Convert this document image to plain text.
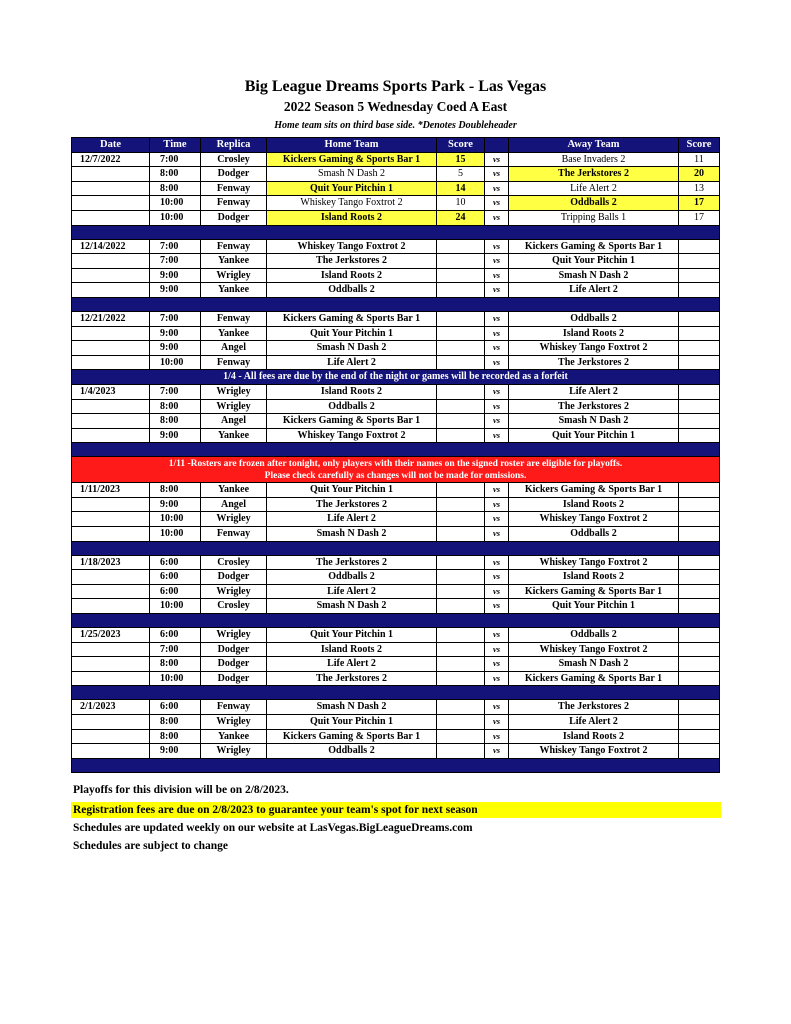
Big League Dreams Sports Park - Las Vegas
2022 Season 5 Wednesday Coed A East
Home team sits on third base side. *Denotes Doubleheader
Date	Time	Replica	Home Team	Score		Away Team	Score
12/7/2022	7:00	Crosley	Kickers Gaming & Sports Bar 1	15	vs	Base Invaders 2	11
	8:00	Dodger	Smash N Dash 2	5	vs	The Jerkstores 2	20
	8:00	Fenway	Quit Your Pitchin 1	14	vs	Life Alert 2	13
	10:00	Fenway	Whiskey Tango Foxtrot 2	10	vs	Oddballs 2	17
	10:00	Dodger	Island Roots 2	24	vs	Tripping Balls 1	17

12/14/2022	7:00	Fenway	Whiskey Tango Foxtrot 2		vs	Kickers Gaming & Sports Bar 1	
	7:00	Yankee	The Jerkstores 2		vs	Quit Your Pitchin 1	
	9:00	Wrigley	Island Roots 2		vs	Smash N Dash 2	
	9:00	Yankee	Oddballs 2		vs	Life Alert 2	

12/21/2022	7:00	Fenway	Kickers Gaming & Sports Bar 1		vs	Oddballs 2	
	9:00	Yankee	Quit Your Pitchin 1		vs	Island Roots 2	
	9:00	Angel	Smash N Dash 2		vs	Whiskey Tango Foxtrot 2	
	10:00	Fenway	Life Alert 2		vs	The Jerkstores 2	
1/4 - All fees are due by the end of the night or games will be recorded as a forfeit							
1/4/2023	7:00	Wrigley	Island Roots 2		vs	Life Alert 2	
	8:00	Wrigley	Oddballs 2		vs	The Jerkstores 2	
	8:00	Angel	Kickers Gaming & Sports Bar 1		vs	Smash N Dash 2	
	9:00	Yankee	Whiskey Tango Foxtrot 2		vs	Quit Your Pitchin 1	

1/11 -Rosters are frozen after tonight, only players with their names on the signed roster are eligible for playoffs.
Please check carefully as changes will not be made for omissions.							

1/11/2023	8:00	Yankee	Quit Your Pitchin 1		vs	Kickers Gaming & Sports Bar 1	
	9:00	Angel	The Jerkstores 2		vs	Island Roots 2	
	10:00	Wrigley	Life Alert 2		vs	Whiskey Tango Foxtrot 2	
	10:00	Fenway	Smash N Dash 2		vs	Oddballs 2	

1/18/2023	6:00	Crosley	The Jerkstores 2		vs	Whiskey Tango Foxtrot 2	
	6:00	Dodger	Oddballs 2		vs	Island Roots 2	
	6:00	Wrigley	Life Alert 2		vs	Kickers Gaming & Sports Bar 1	
	10:00	Crosley	Smash N Dash 2		vs	Quit Your Pitchin 1	

1/25/2023	6:00	Wrigley	Quit Your Pitchin 1		vs	Oddballs 2	
	7:00	Dodger	Island Roots 2		vs	Whiskey Tango Foxtrot 2	
	8:00	Dodger	Life Alert 2		vs	Smash N Dash 2	
	10:00	Dodger	The Jerkstores 2		vs	Kickers Gaming & Sports Bar 1	

2/1/2023	6:00	Fenway	Smash N Dash 2		vs	The Jerkstores 2	
	8:00	Wrigley	Quit Your Pitchin 1		vs	Life Alert 2	
	8:00	Yankee	Kickers Gaming & Sports Bar 1		vs	Island Roots 2	
	9:00	Wrigley	Oddballs 2		vs	Whiskey Tango Foxtrot 2	

Playoffs for this division will be on 2/8/2023.
Registration fees are due on 2/8/2023 to guarantee your team's spot for next season
Schedules are updated weekly on our website at LasVegas.BigLeagueDreams.com
Schedules are subject to change
